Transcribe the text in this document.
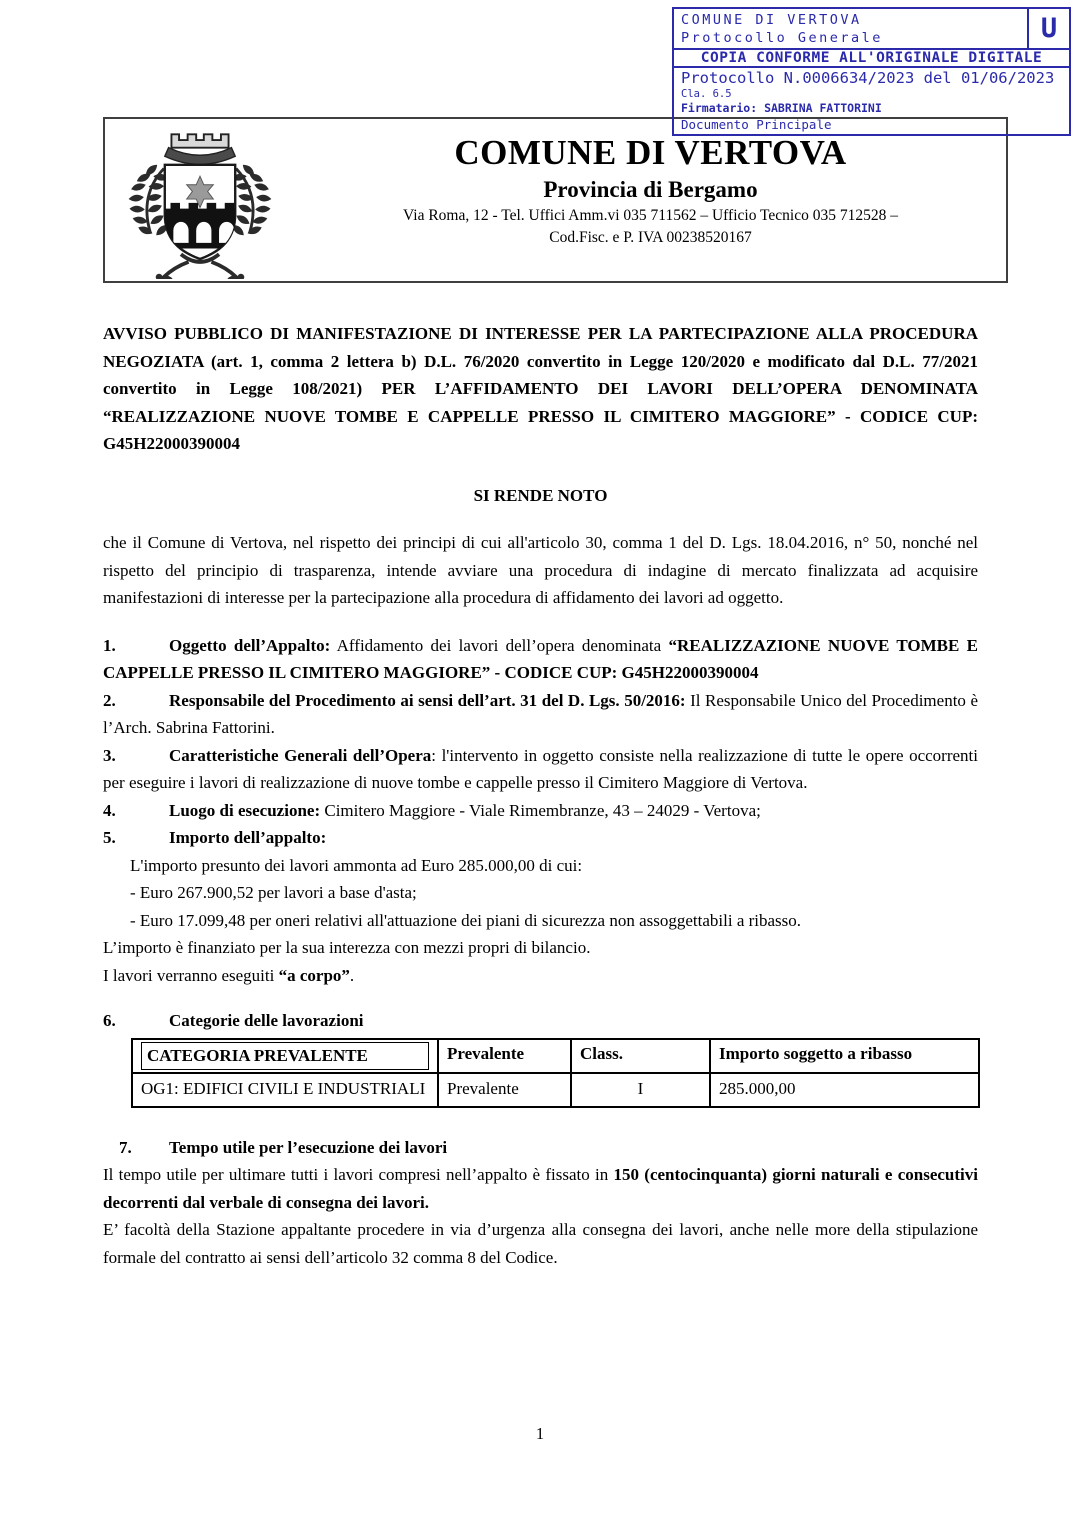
COMUNE DI VERTOVA
Protocollo Generale	U
COPIA CONFORME ALL'ORIGINALE DIGITALE
Protocollo N.0006634/2023 del 01/06/2023
Cla. 6.5
Firmatario: SABRINA FATTORINI
Documento Principale
COMUNE DI VERTOVA
Provincia di Bergamo
Via Roma, 12 - Tel. Uffici Amm.vi 035 711562 – Ufficio Tecnico 035 712528 –
Cod.Fisc. e P. IVA 00238520167

AVVISO PUBBLICO DI MANIFESTAZIONE DI INTERESSE PER LA PARTECIPAZIONE ALLA PROCEDURA NEGOZIATA (art. 1, comma 2 lettera b) D.L. 76/2020 convertito in Legge 120/2020 e modificato dal D.L. 77/2021 convertito in Legge 108/2021) PER L’AFFIDAMENTO DEI LAVORI DELL’OPERA DENOMINATA “REALIZZAZIONE NUOVE TOMBE E CAPPELLE PRESSO IL CIMITERO MAGGIORE” - CODICE CUP: G45H22000390004

SI RENDE NOTO

che il Comune di Vertova, nel rispetto dei principi di cui all'articolo 30, comma 1 del D. Lgs. 18.04.2016, n° 50, nonché nel rispetto del principio di trasparenza, intende avviare una procedura di indagine di mercato finalizzata ad acquisire manifestazioni di interesse per la partecipazione alla procedura di affidamento dei lavori ad oggetto.

1.	Oggetto dell’Appalto: Affidamento dei lavori dell’opera denominata “REALIZZAZIONE NUOVE TOMBE E CAPPELLE PRESSO IL CIMITERO MAGGIORE” - CODICE CUP: G45H22000390004

2.	Responsabile del Procedimento ai sensi dell’art. 31 del D. Lgs. 50/2016: Il Responsabile Unico del Procedimento è l’Arch. Sabrina Fattorini.

3.	Caratteristiche Generali dell’Opera: l'intervento in oggetto consiste nella realizzazione di tutte le opere occorrenti per eseguire i lavori di realizzazione di nuove tombe e cappelle presso il Cimitero Maggiore di Vertova.

4.	Luogo di esecuzione: Cimitero Maggiore - Viale Rimembranze, 43 – 24029 - Vertova;

5.	Importo dell’appalto:

L'importo presunto dei lavori ammonta ad Euro 285.000,00 di cui:

- Euro 267.900,52 per lavori a base d'asta;

- Euro 17.099,48 per oneri relativi all'attuazione dei piani di sicurezza non assoggettabili a ribasso.

L’importo è finanziato per la sua interezza con mezzi propri di bilancio.

I lavori verranno eseguiti “a corpo”.

6.	Categorie delle lavorazioni

CATEGORIA PREVALENTE	Prevalente	Class.	Importo soggetto a ribasso
OG1: EDIFICI CIVILI E INDUSTRIALI	Prevalente	I	285.000,00

7. Tempo utile per l’esecuzione dei lavori

Il tempo utile per ultimare tutti i lavori compresi nell’appalto è fissato in 150 (centocinquanta) giorni naturali e consecutivi decorrenti dal verbale di consegna dei lavori.

E’ facoltà della Stazione appaltante procedere in via d’urgenza alla consegna dei lavori, anche nelle more della stipulazione formale del contratto ai sensi dell’articolo 32 comma 8 del Codice.

1
